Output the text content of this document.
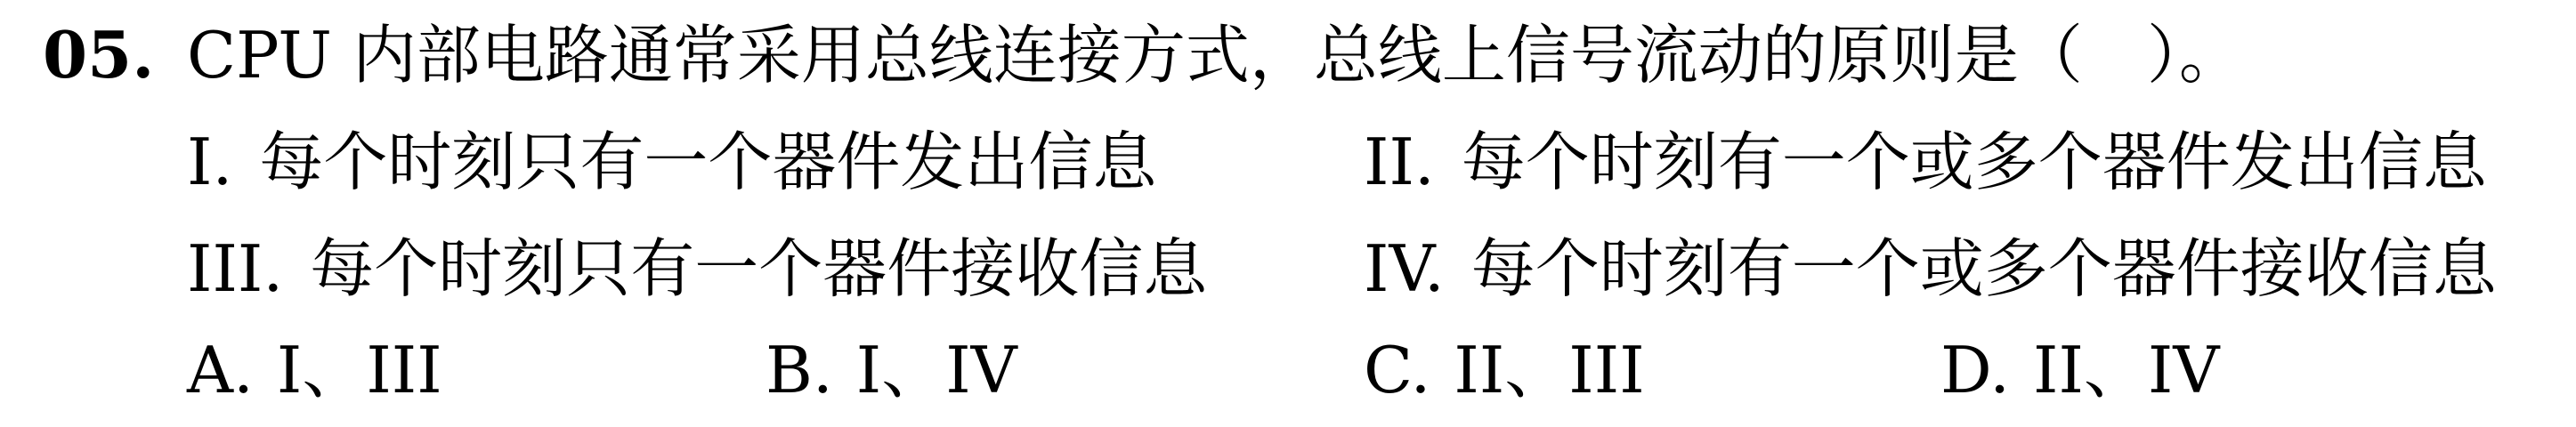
05. CPU 内部电路通常采用总线连接方式，总线上信号流动的原则是（　）。
I. 每个时刻只有一个器件发出信息	II. 每个时刻有一个或多个器件发出信息
III. 每个时刻只有一个器件接收信息 IV. 每个时刻有一个或多个器件接收信息
A. I、III	B. I、IV	C. II、III	D. II、IV
